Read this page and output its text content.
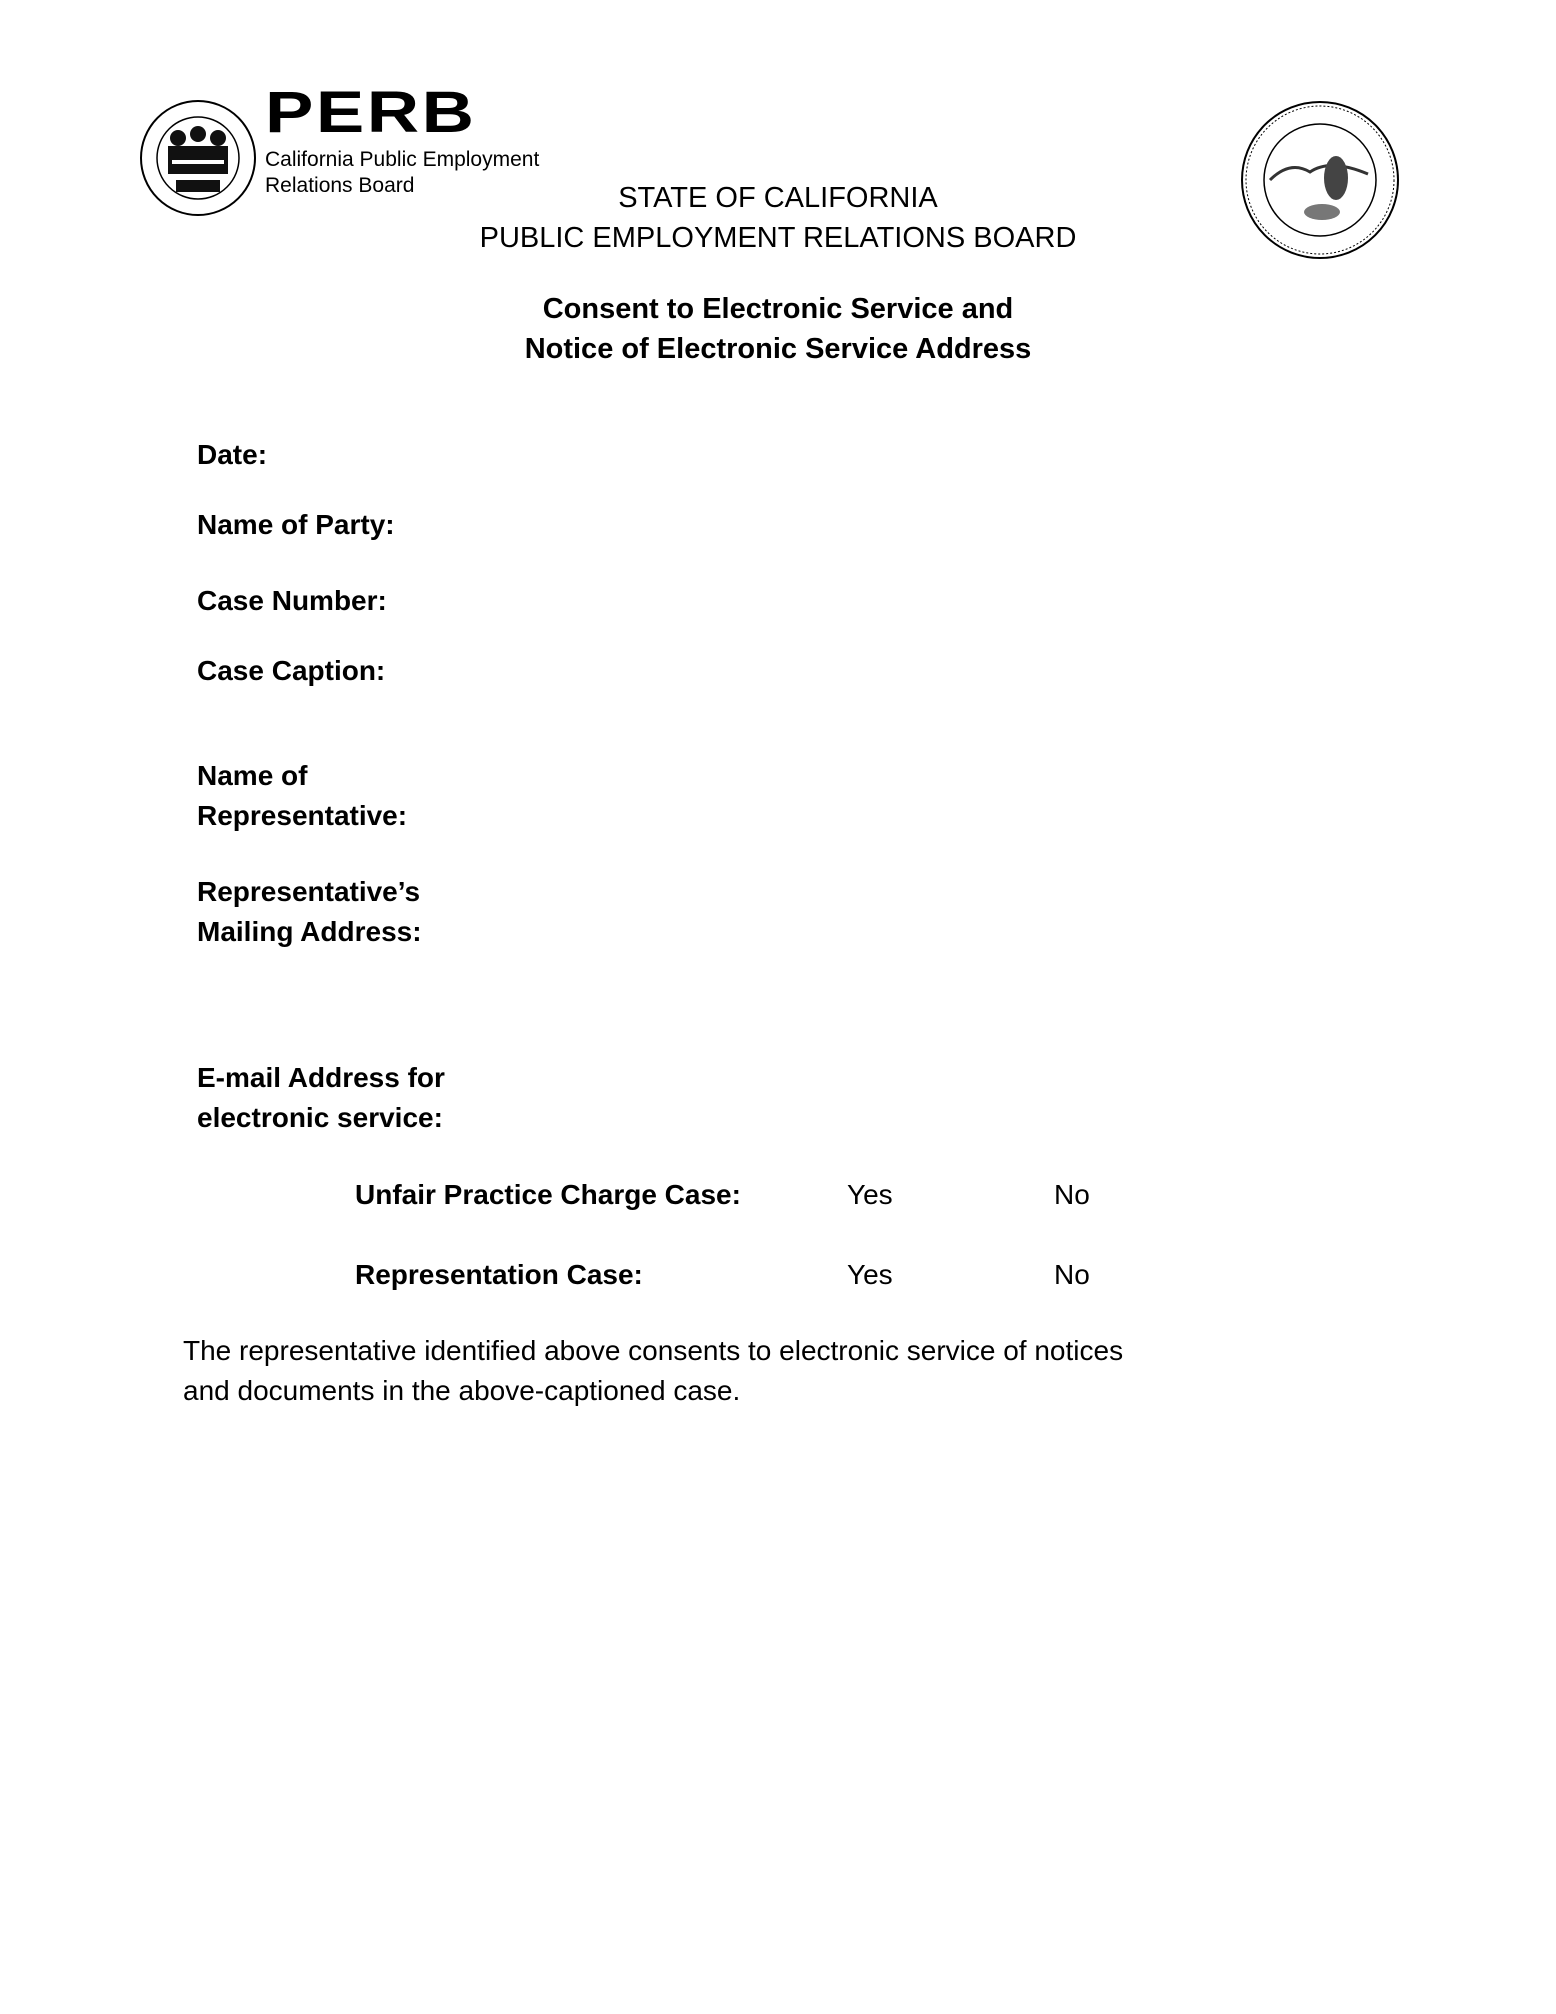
PERB
California Public Employment
Relations Board	STATE OF CALIFORNIA
PUBLIC EMPLOYMENT RELATIONS BOARD
Consent to Electronic Service and
Notice of Electronic Service Address
Date:
Name of Party:
Case Number:
Case Caption:
Name of
Representative:
Representative’s
Mailing Address:
E-mail Address for
electronic service:
Unfair Practice Charge Case:	Yes	No
Representation Case:	Yes	No
The representative identified above consents to electronic service of notices
and documents in the above-captioned case.
